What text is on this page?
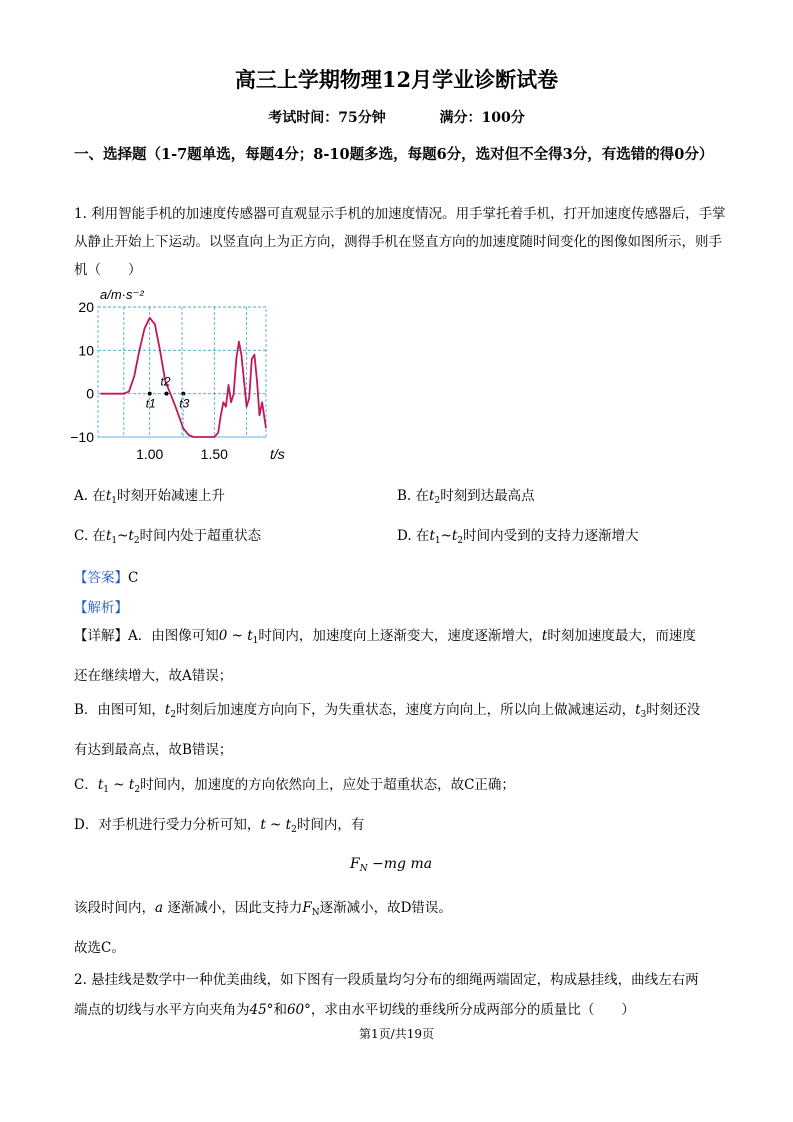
高三上学期物理12月学业诊断试卷
考试时间：75分钟	满分：100分
一、选择题（1-7题单选，每题4分；8-10题多选，每题6分，选对但不全得3分，有选错的得0分）
1. 利用智能手机的加速度传感器可直观显示手机的加速度情况。用手掌托着手机，打开加速度传感器后，手掌从静止开始上下运动。以竖直向上为正方向，测得手机在竖直方向的加速度随时间变化的图像如图所示，则手机（　　）
20
10
0
−10
1.00	1.50
a/m·s⁻²
t/s
t1
t2
t3
A. 在$t_1$时刻开始减速上升	B. 在$t_2$时刻到达最高点
C. 在$t_1\sim t_2$时间内处于超重状态	D. 在$t_1\sim t_2$时间内受到的支持力逐渐增大
【答案】C
【解析】
【详解】A．由图像可知0 ~ $t_1$时间内，加速度向上逐渐变大，速度逐渐增大，t时刻加速度最大，而速度
还在继续增大，故A错误；
B．由图可知，$t_2$时刻后加速度方向向下，为失重状态，速度方向向上，所以向上做减速运动，$t_3$时刻还没
有达到最高点，故B错误；
C．$t_1$ ~ $t_2$时间内，加速度的方向依然向上，应处于超重状态，故C正确；
D．对手机进行受力分析可知，t ~ $t_2$时间内，有
$F_N -mg$ ma
该段时间内，a 逐渐减小，因此支持力$F_N$逐渐减小，故D错误。
故选C。
2. 悬挂线是数学中一种优美曲线，如下图有一段质量均匀分布的细绳两端固定，构成悬挂线，曲线左右两
端点的切线与水平方向夹角为45°和60°，求由水平切线的垂线所分成两部分的质量比（　　）
第1页/共19页
